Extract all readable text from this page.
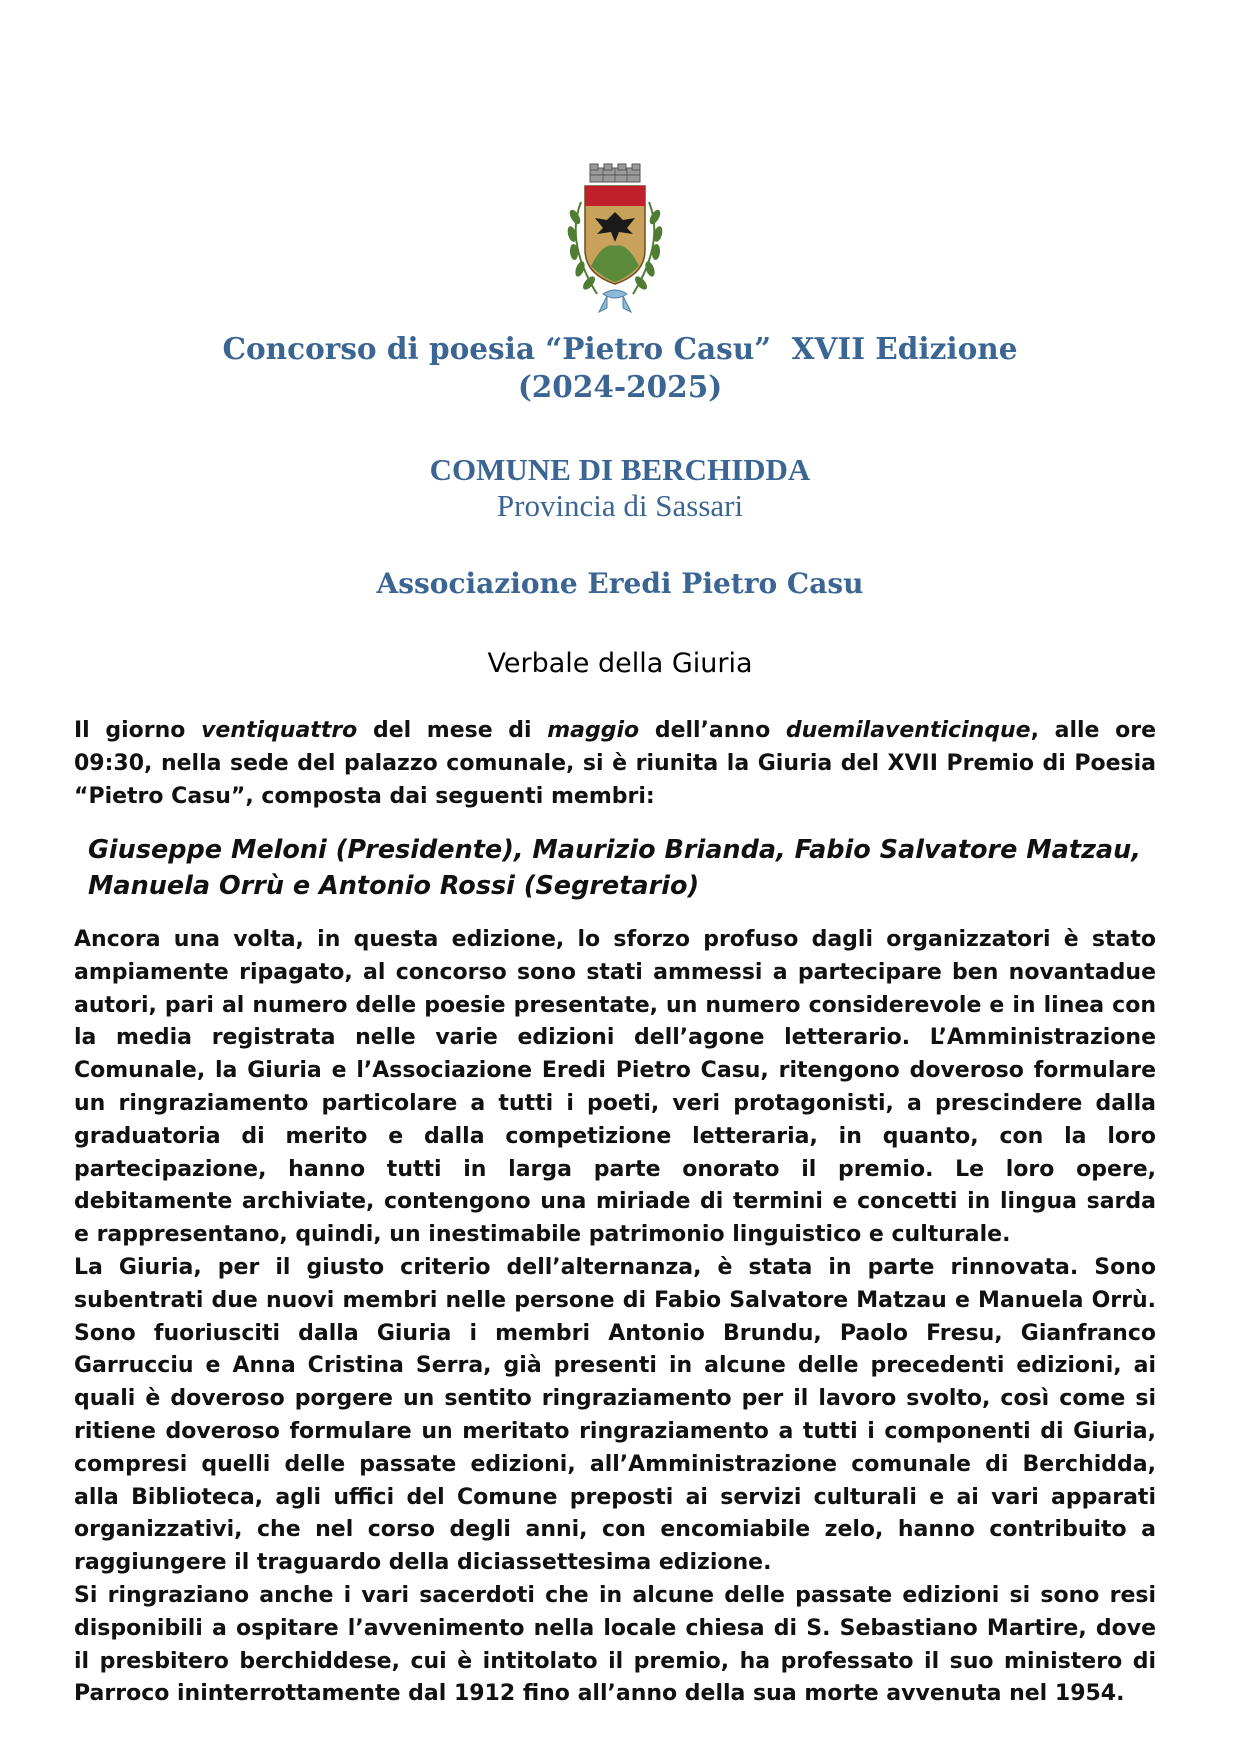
Concorso di poesia “Pietro Casu”  XVII Edizione
(2024-2025)
COMUNE DI BERCHIDDA
Provincia di Sassari
Associazione Eredi Pietro Casu
Verbale della Giuria
Il giorno ventiquattro del mese di maggio dell’anno duemilaventicinque, alle ore 09:30, nella sede del palazzo comunale, si è riunita la Giuria del XVII Premio di Poesia “Pietro Casu”, composta dai seguenti membri:
Giuseppe Meloni (Presidente), Maurizio Brianda, Fabio Salvatore Matzau,
Manuela Orrù e Antonio Rossi (Segretario)
Ancora una volta, in questa edizione, lo sforzo profuso dagli organizzatori è stato ampiamente ripagato, al concorso sono stati ammessi a partecipare ben novantadue autori, pari al numero delle poesie presentate, un numero considerevole e in linea con la media registrata nelle varie edizioni dell’agone letterario. L’Amministrazione Comunale, la Giuria e l’Associazione Eredi Pietro Casu, ritengono doveroso formulare un ringraziamento particolare a tutti i poeti, veri protagonisti, a prescindere dalla graduatoria di merito e dalla competizione letteraria, in quanto, con la loro partecipazione, hanno tutti in larga parte onorato il premio. Le loro opere, debitamente archiviate, contengono una miriade di termini e concetti in lingua sarda e rappresentano, quindi, un inestimabile patrimonio linguistico e culturale.
La Giuria, per il giusto criterio dell’alternanza, è stata in parte rinnovata. Sono subentrati due nuovi membri nelle persone di Fabio Salvatore Matzau e Manuela Orrù. Sono fuoriusciti dalla Giuria i membri Antonio Brundu, Paolo Fresu, Gianfranco Garrucciu e Anna Cristina Serra, già presenti in alcune delle precedenti edizioni, ai quali è doveroso porgere un sentito ringraziamento per il lavoro svolto, così come si ritiene doveroso formulare un meritato ringraziamento a tutti i componenti di Giuria, compresi quelli delle passate edizioni, all’Amministrazione comunale di Berchidda, alla Biblioteca, agli uffici del Comune preposti ai servizi culturali e ai vari apparati organizzativi, che nel corso degli anni, con encomiabile zelo, hanno contribuito a raggiungere il traguardo della diciassettesima edizione.
Si ringraziano anche i vari sacerdoti che in alcune delle passate edizioni si sono resi disponibili a ospitare l’avvenimento nella locale chiesa di S. Sebastiano Martire, dove il presbitero berchiddese, cui è intitolato il premio, ha professato il suo ministero di Parroco ininterrottamente dal 1912 fino all’anno della sua morte avvenuta nel 1954.
